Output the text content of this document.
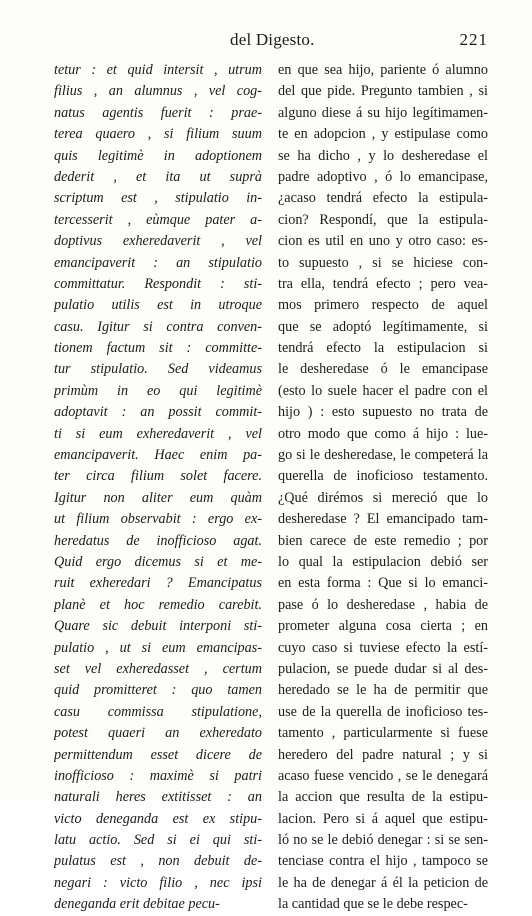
del Digesto.	221
tetur : et quid intersit , utrum
filius , an alumnus , vel cog-
natus agentis fuerit : prae-
terea quaero , si filium suum
quis legitimè in adoptionem
dederit , et ita ut suprà
scriptum est , stipulatio in-
tercesserit , eùmque pater a-
doptivus exheredaverit , vel
emancipaverit : an stipulatio
committatur. Respondit : sti-
pulatio utilis est in utroque
casu. Igitur si contra conven-
tionem factum sit : committe-
tur stipulatio. Sed videamus
primùm in eo qui legitimè
adoptavit : an possit commit-
ti si eum exheredaverit , vel
emancipaverit. Haec enim pa-
ter circa filium solet facere.
Igitur non aliter eum quàm
ut filium observabit : ergo ex-
heredatus de inofficioso agat.
Quid ergo dicemus si et me-
ruit exheredari ? Emancipatus
planè et hoc remedio carebit.
Quare sic debuit interponi sti-
pulatio , ut si eum emancipas-
set vel exheredasset , certum
quid promitteret : quo tamen
casu commissa stipulatione,
potest quaeri an exheredato
permittendum esset dicere de
inofficioso : maximè si patri
naturali heres extitisset : an
victo deneganda est ex stipu-
latu actio. Sed si ei qui sti-
pulatus est , non debuit de-
negari : victo filio , nec ipsi
deneganda erit debitae pecu-
en que sea hijo, pariente ó alumno
del que pide. Pregunto tambien , si
alguno diese á su hijo legítimamen-
te en adopcion , y estipulase como
se ha dicho , y lo desheredase el
padre adoptivo , ó lo emancipase,
¿acaso tendrá efecto la estipula-
cion? Respondí, que la estipula-
cion es util en uno y otro caso: es-
to supuesto , si se hiciese con-
tra ella, tendrá efecto ; pero vea-
mos primero respecto de aquel
que se adoptó legítimamente, si
tendrá efecto la estipulacion si
le desheredase ó le emancipase
(esto lo suele hacer el padre con el
hijo ) : esto supuesto no trata de
otro modo que como á hijo : lue-
go si le desheredase, le competerá la
querella de inoficioso testamento.
¿Qué dirémos si mereció que lo
desheredase ? El emancipado tam-
bien carece de este remedio ; por
lo qual la estipulacion debió ser
en esta forma : Que si lo emanci-
pase ó lo desheredase , habia de
prometer alguna cosa cierta ; en
cuyo caso si tuviese efecto la estí-
pulacion, se puede dudar si al des-
heredado se le ha de permitir que
use de la querella de inoficioso tes-
tamento , particularmente si fuese
heredero del padre natural ; y si
acaso fuese vencido , se le denegará
la accion que resulta de la estipu-
lacion. Pero si á aquel que estipu-
ló no se le debió denegar : si se sen-
tenciase contra el hijo , tampoco se
le ha de denegar á él la peticion de
la cantidad que se le debe respec-
